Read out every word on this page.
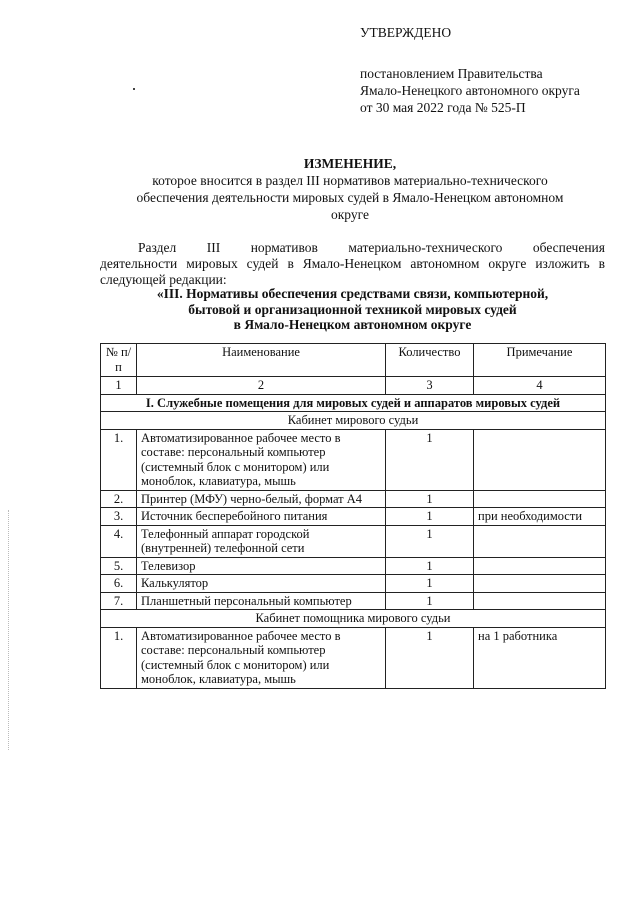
УТВЕРЖДЕНО
постановлением Правительства
Ямало-Ненецкого автономного округа
от 30 мая 2022 года № 525-П
ИЗМЕНЕНИЕ,
которое вносится в раздел III нормативов материально-технического
обеспечения деятельности мировых судей в Ямало-Ненецком автономном
округе
Раздел III нормативов материально-технического обеспечения
деятельности мировых судей в Ямало-Ненецком автономном округе изложить в следующей редакции:
«III. Нормативы обеспечения средствами связи, компьютерной,
бытовой и организационной техникой мировых судей
в Ямало-Ненецком автономном округе
№ п/п	Наименование	Количество	Примечание
1	2	3	4
I. Служебные помещения для мировых судей и аппаратов мировых судей			
Кабинет мирового судьи			
1.	Автоматизированное рабочее место в составе: персональный компьютер (системный блок с монитором) или моноблок, клавиатура, мышь	1	
2.	Принтер (МФУ) черно-белый, формат А4	1	
3.	Источник бесперебойного питания	1	при необходимости
4.	Телефонный аппарат городской (внутренней) телефонной сети	1	
5.	Телевизор	1	
6.	Калькулятор	1	
7.	Планшетный персональный компьютер	1	
Кабинет помощника мирового судьи			
1.	Автоматизированное рабочее место в составе: персональный компьютер (системный блок с монитором) или моноблок, клавиатура, мышь	1	на 1 работника
